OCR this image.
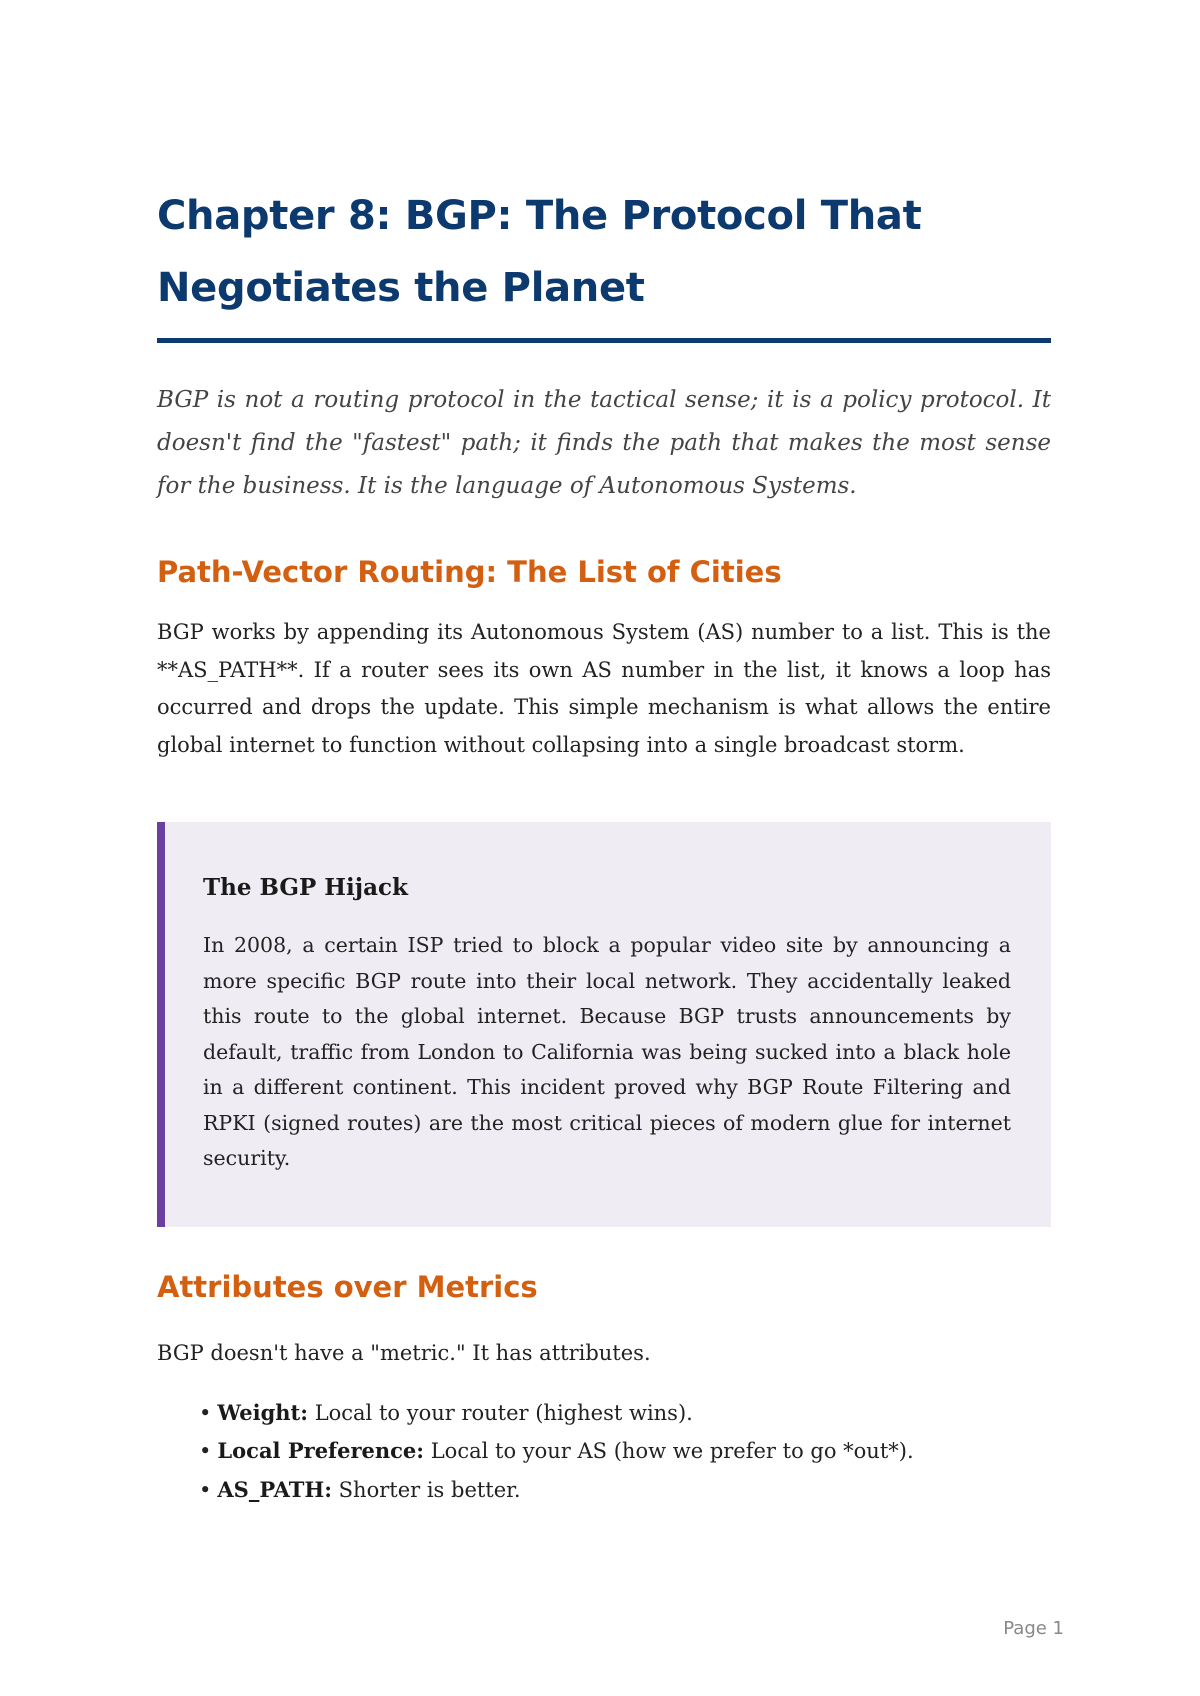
Chapter 8: BGP: The Protocol That Negotiates the Planet

BGP is not a routing protocol in the tactical sense; it is a policy protocol. It doesn't find the "fastest" path; it finds the path that makes the most sense for the business. It is the language of Autonomous Systems.

Path-Vector Routing: The List of Cities

BGP works by appending its Autonomous System (AS) number to a list. This is the **AS_PATH**. If a router sees its own AS number in the list, it knows a loop has occurred and drops the update. This simple mechanism is what allows the entire global internet to function without collapsing into a single broadcast storm.

The BGP Hijack

In 2008, a certain ISP tried to block a popular video site by announcing a more specific BGP route into their local network. They accidentally leaked this route to the global internet. Because BGP trusts announcements by default, traffic from London to California was being sucked into a black hole in a different continent. This incident proved why BGP Route Filtering and RPKI (signed routes) are the most critical pieces of modern glue for internet security.

Attributes over Metrics

BGP doesn't have a "metric." It has attributes.

• Weight: Local to your router (highest wins).
• Local Preference: Local to your AS (how we prefer to go *out*).
• AS_PATH: Shorter is better.
Page 1
